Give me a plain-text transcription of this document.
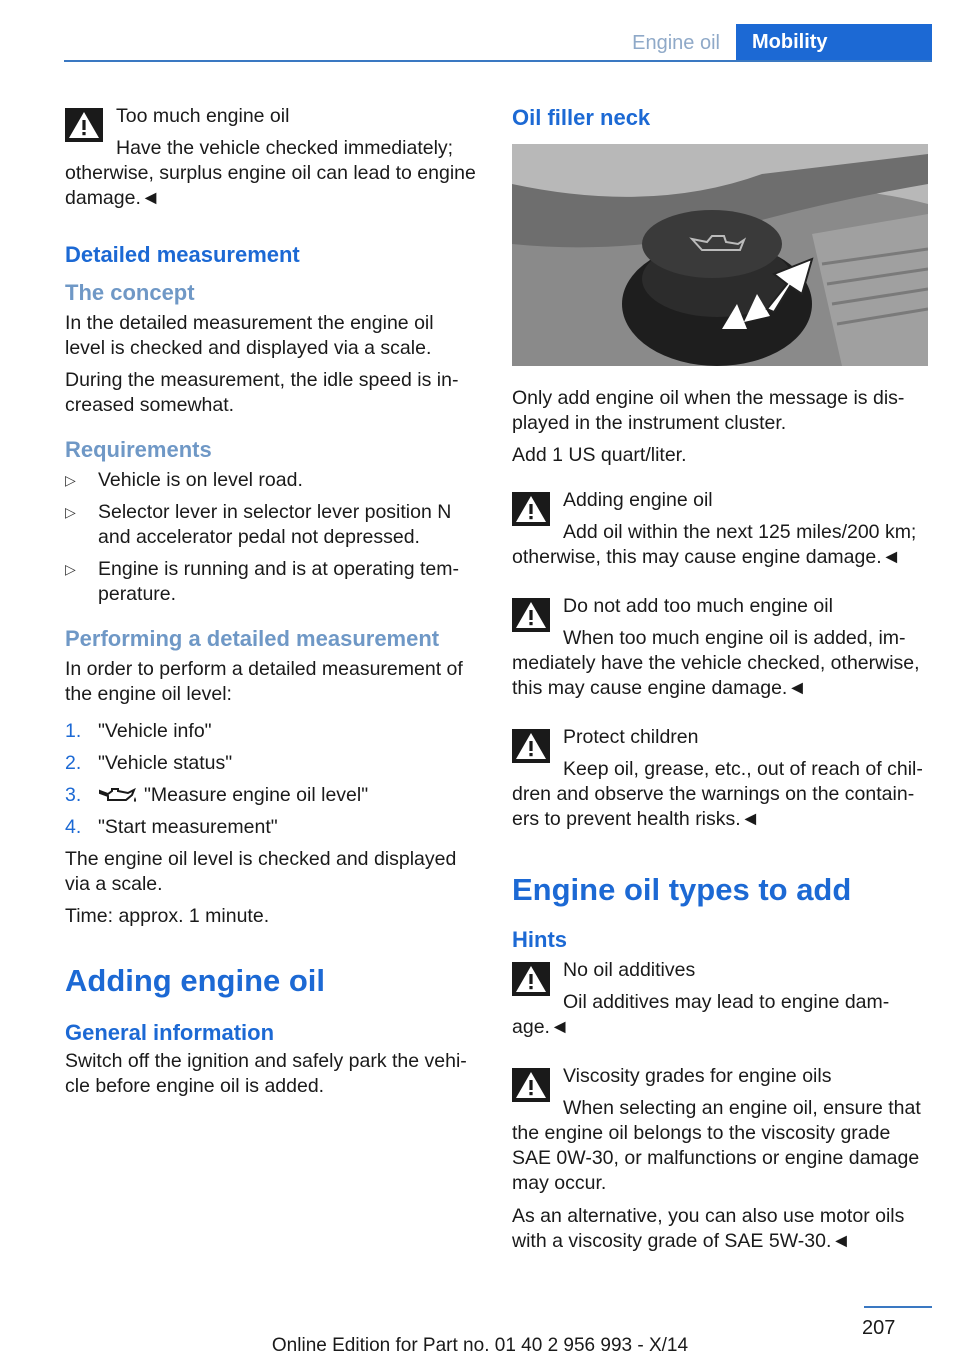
Engine oil	Mobility
Too much engine oil
Have the vehicle checked immediately; otherwise, surplus engine oil can lead to engine damage.◄
Detailed measurement
The concept

In the detailed measurement the engine oil level is checked and displayed via a scale.

During the measurement, the idle speed is increased somewhat.

Requirements
▷ Vehicle is on level road.
▷ Selector lever in selector lever position N and accelerator pedal not depressed.
▷ Engine is running and is at operating temperature.
Performing a detailed measurement

In order to perform a detailed measurement of the engine oil level:

1. "Vehicle info"
2. "Vehicle status"
3.	"Measure engine oil level"
4. "Start measurement"

The engine oil level is checked and displayed via a scale.

Time: approx. 1 minute.

Adding engine oil
General information

Switch off the ignition and safely park the vehicle before engine oil is added.

Oil filler neck

Only add engine oil when the message is displayed in the instrument cluster.

Add 1 US quart/liter.

Adding engine oil
Add oil within the next 125 miles/200 km; otherwise, this may cause engine damage.◄
Do not add too much engine oil
When too much engine oil is added, immediately have the vehicle checked, otherwise, this may cause engine damage.◄
Protect children
Keep oil, grease, etc., out of reach of children and observe the warnings on the containers to prevent health risks.◄
Engine oil types to add
Hints
No oil additives
Oil additives may lead to engine damage.◄
Viscosity grades for engine oils
When selecting an engine oil, ensure that the engine oil belongs to the viscosity grade SAE 0W-30, or malfunctions or engine damage may occur.

As an alternative, you can also use motor oils with a viscosity grade of SAE 5W-30.◄

207
Online Edition for Part no. 01 40 2 956 993 - X/14
